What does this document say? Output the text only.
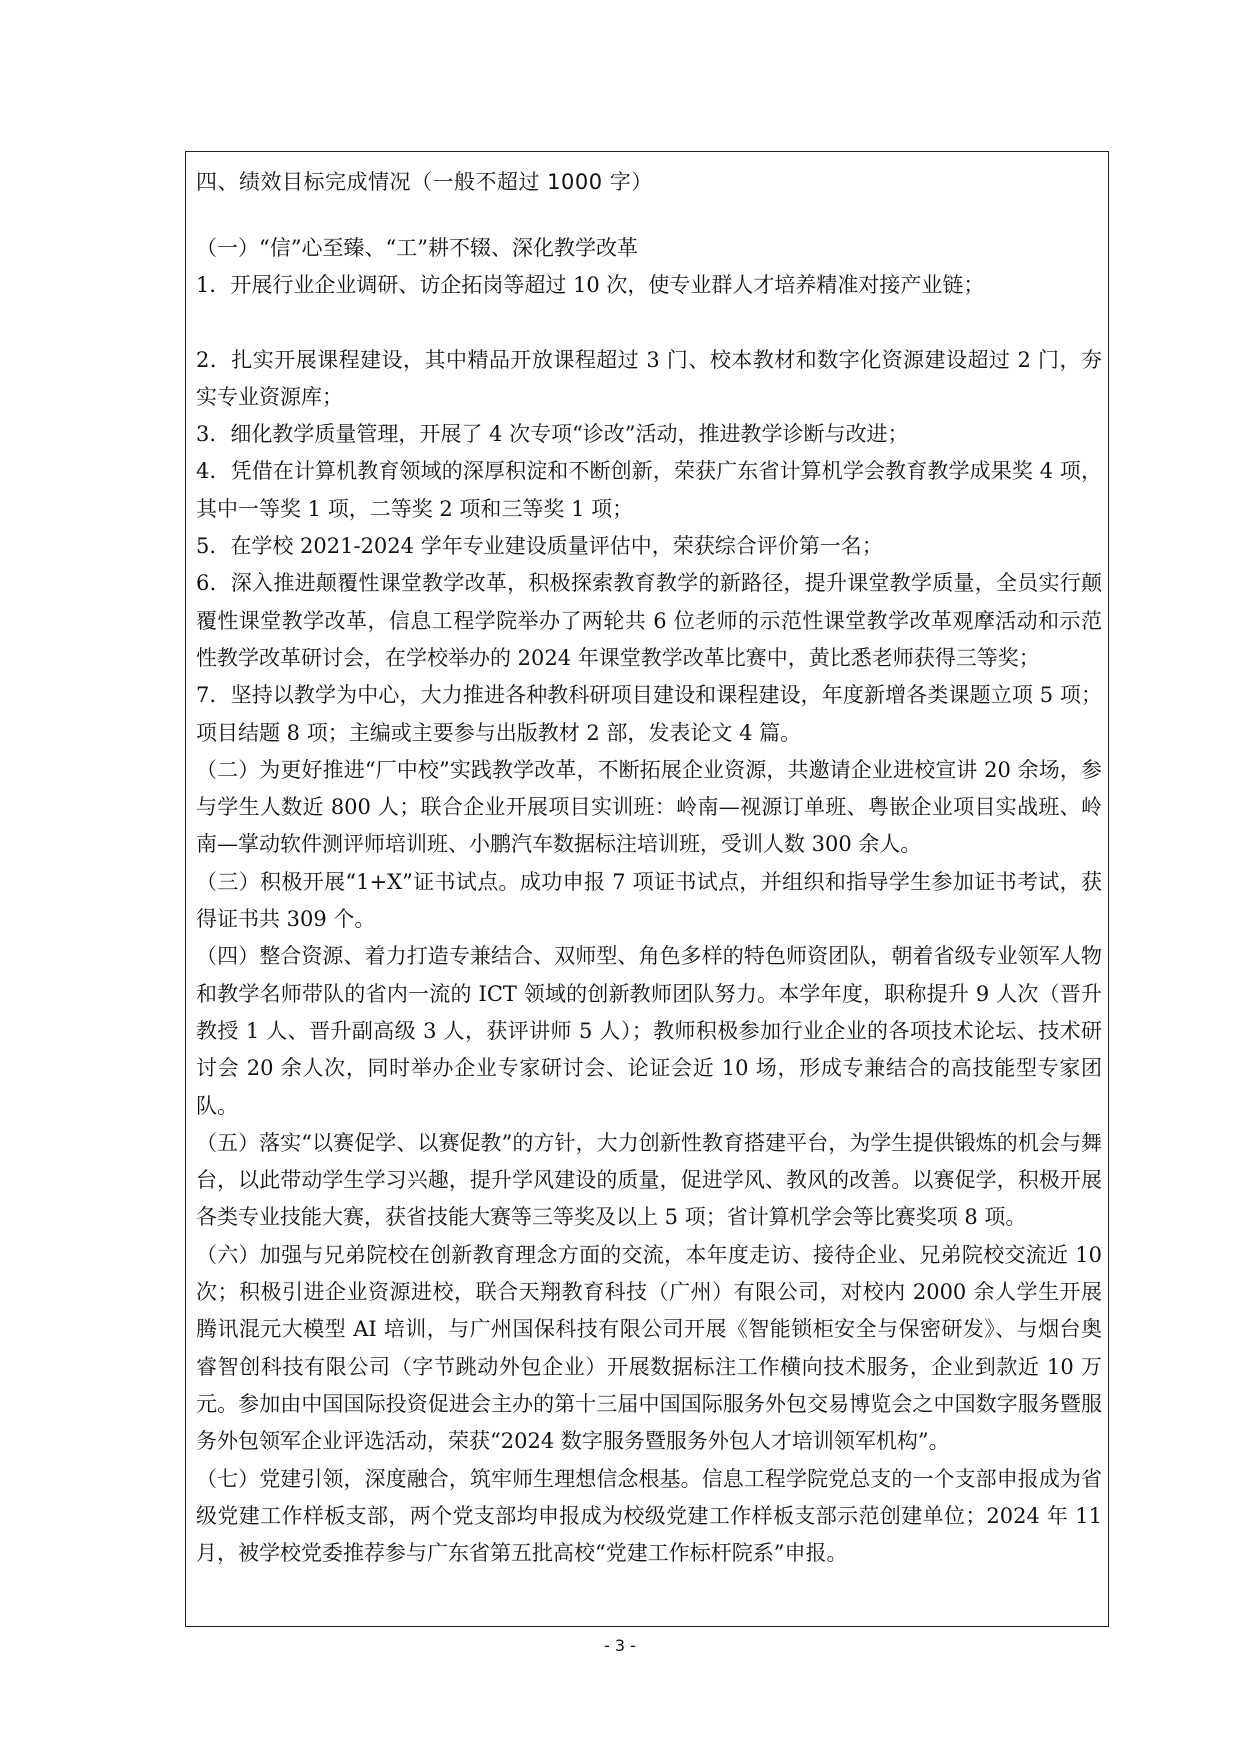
四、绩效目标完成情况（一般不超过 1000 字）

（一）“信”心至臻、“工”耕不辍、深化教学改革

1．开展行业企业调研、访企拓岗等超过 10 次，使专业群人才培养精准对接产业链；

2．扎实开展课程建设，其中精品开放课程超过 3 门、校本教材和数字化资源建设超过 2 门，夯实专业资源库；

3．细化教学质量管理，开展了 4 次专项“诊改”活动，推进教学诊断与改进；

4．凭借在计算机教育领域的深厚积淀和不断创新，荣获广东省计算机学会教育教学成果奖 4 项，其中一等奖 1 项，二等奖 2 项和三等奖 1 项；

5．在学校 2021-2024 学年专业建设质量评估中，荣获综合评价第一名；

6．深入推进颠覆性课堂教学改革，积极探索教育教学的新路径，提升课堂教学质量，全员实行颠覆性课堂教学改革，信息工程学院举办了两轮共 6 位老师的示范性课堂教学改革观摩活动和示范性教学改革研讨会，在学校举办的 2024 年课堂教学改革比赛中，黄比悉老师获得三等奖；

7．坚持以教学为中心，大力推进各种教科研项目建设和课程建设，年度新增各类课题立项 5 项；项目结题 8 项；主编或主要参与出版教材 2 部，发表论文 4 篇。

（二）为更好推进“厂中校”实践教学改革，不断拓展企业资源，共邀请企业进校宣讲 20 余场，参与学生人数近 800 人；联合企业开展项目实训班：岭南—视源订单班、粤嵌企业项目实战班、岭南—掌动软件测评师培训班、小鹏汽车数据标注培训班，受训人数 300 余人。

（三）积极开展“1+X”证书试点。成功申报 7 项证书试点，并组织和指导学生参加证书考试，获得证书共 309 个。

（四）整合资源、着力打造专兼结合、双师型、角色多样的特色师资团队，朝着省级专业领军人物和教学名师带队的省内一流的 ICT 领域的创新教师团队努力。本学年度，职称提升 9 人次（晋升教授 1 人、晋升副高级 3 人，获评讲师 5 人）；教师积极参加行业企业的各项技术论坛、技术研讨会 20 余人次，同时举办企业专家研讨会、论证会近 10 场，形成专兼结合的高技能型专家团队。

（五）落实“以赛促学、以赛促教”的方针，大力创新性教育搭建平台，为学生提供锻炼的机会与舞台，以此带动学生学习兴趣，提升学风建设的质量，促进学风、教风的改善。以赛促学，积极开展各类专业技能大赛，获省技能大赛等三等奖及以上 5 项；省计算机学会等比赛奖项 8 项。

（六）加强与兄弟院校在创新教育理念方面的交流，本年度走访、接待企业、兄弟院校交流近 10 次；积极引进企业资源进校，联合天翔教育科技（广州）有限公司，对校内 2000 余人学生开展腾讯混元大模型 AI 培训，与广州国保科技有限公司开展《智能锁柜安全与保密研发》、与烟台奥睿智创科技有限公司（字节跳动外包企业）开展数据标注工作横向技术服务，企业到款近 10 万元。参加由中国国际投资促进会主办的第十三届中国国际服务外包交易博览会之中国数字服务暨服务外包领军企业评选活动，荣获“2024 数字服务暨服务外包人才培训领军机构”。

（七）党建引领，深度融合，筑牢师生理想信念根基。信息工程学院党总支的一个支部申报成为省级党建工作样板支部，两个党支部均申报成为校级党建工作样板支部示范创建单位；2024 年 11 月，被学校党委推荐参与广东省第五批高校“党建工作标杆院系”申报。

- 3 -
